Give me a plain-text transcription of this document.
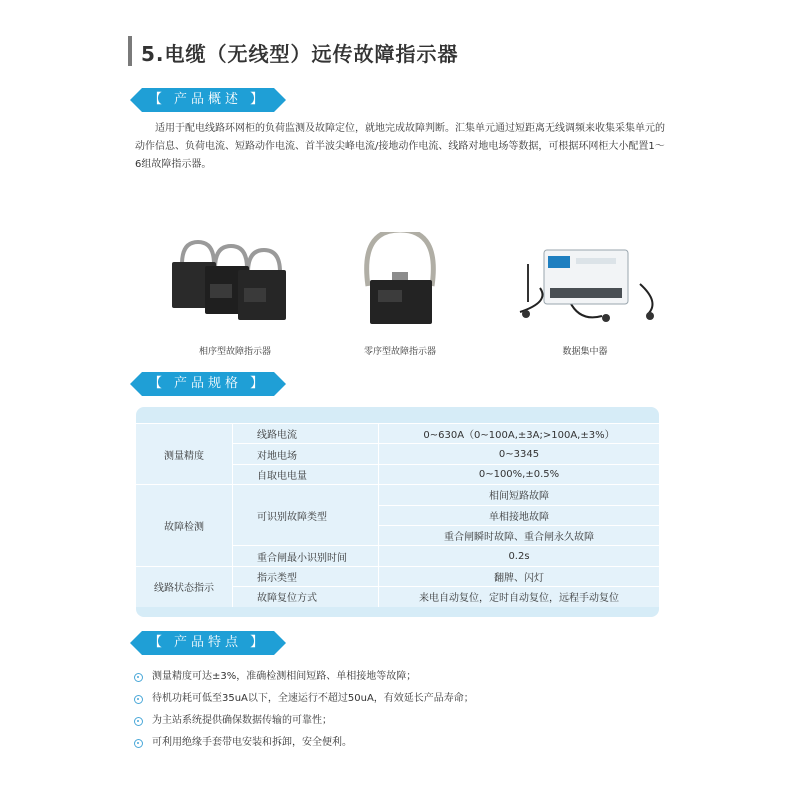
5.电缆（无线型）远传故障指示器
【 产品概述 】
适用于配电线路环网柜的负荷监测及故障定位，就地完成故障判断。汇集单元通过短距离无线调频来收集采集单元的动作信息、负荷电流、短路动作电流、首半波尖峰电流/接地动作电流、线路对地电场等数据，可根据环网柜大小配置1～6组故障指示器。
相序型故障指示器	零序型故障指示器	数据集中器
【 产品规格 】
测量精度	线路电流	0~630A（0~100A,±3A;>100A,±3%）
	对地电场	0~3345
	自取电电量	0~100%,±0.5%
故障检测	可识别故障类型	相间短路故障
		单相接地故障
		重合闸瞬时故障、重合闸永久故障
	重合闸最小识别时间	0.2s
线路状态指示	指示类型	翻牌、闪灯
	故障复位方式	来电自动复位，定时自动复位，远程手动复位
【 产品特点 】
测量精度可达±3%，准确检测相间短路、单相接地等故障；
待机功耗可低至35uA以下，全速运行不超过50uA，有效延长产品寿命；
为主站系统提供确保数据传输的可靠性；
可利用绝缘手套带电安装和拆卸，安全便利。
